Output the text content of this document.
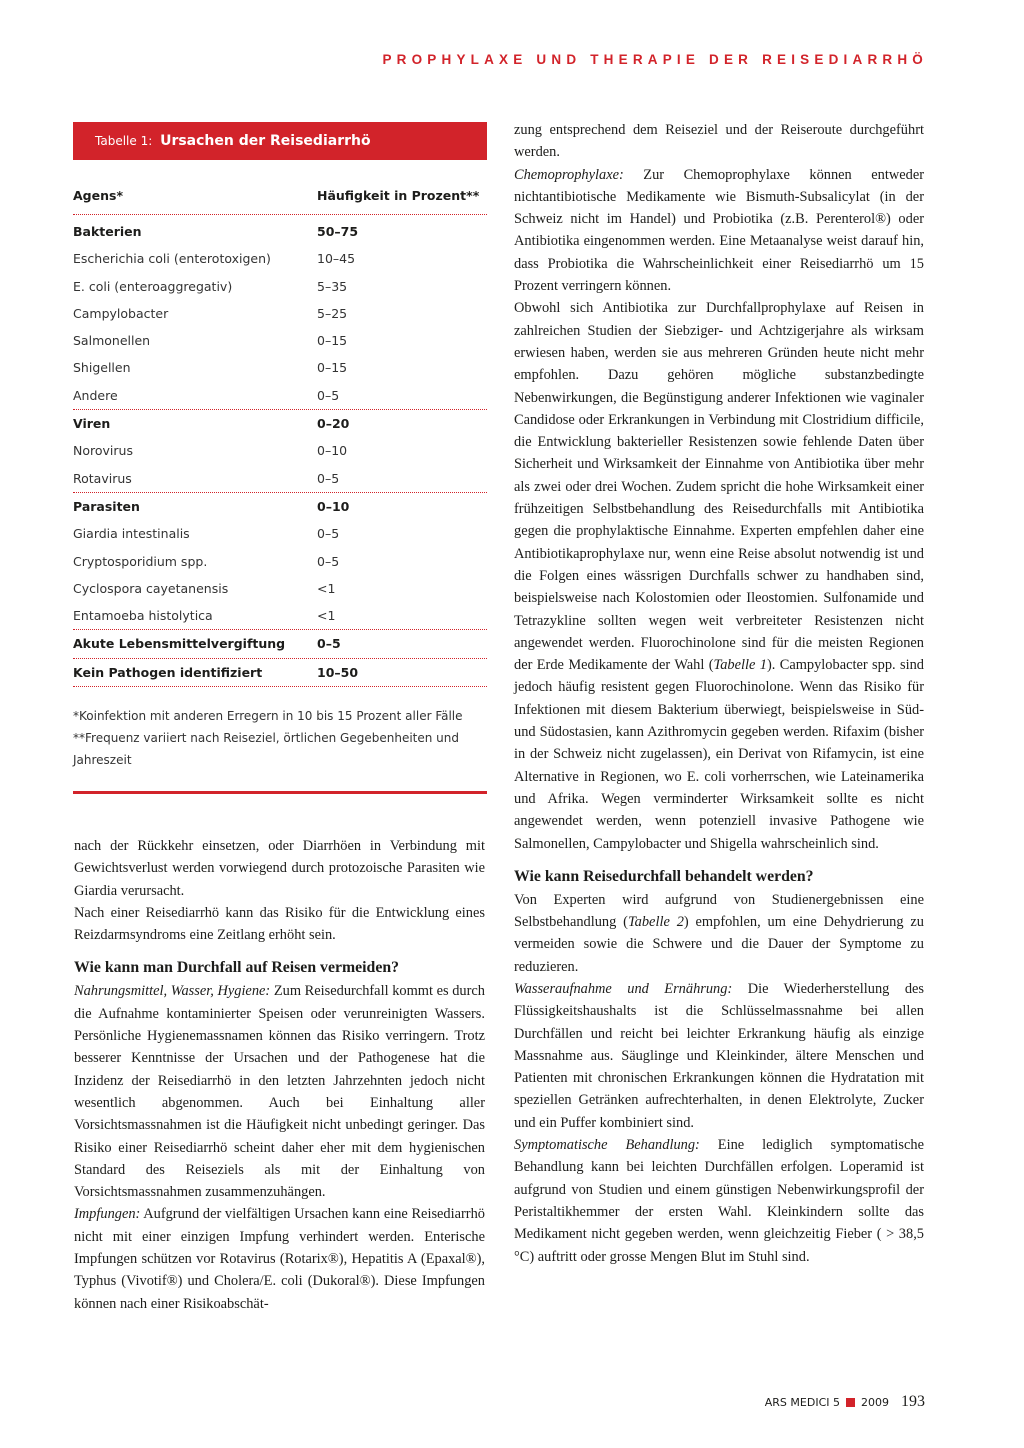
PROPHYLAXE UND THERAPIE DER REISEDIARRHÖ
Tabelle 1: Ursachen der Reisediarrhö
Agens*	Häufigkeit in Prozent**
Bakterien	50–75
Escherichia coli (enterotoxigen)	10–45
E. coli (enteroaggregativ)	5–35
Campylobacter	5–25
Salmonellen	0–15
Shigellen	0–15
Andere	0–5
Viren	0–20
Norovirus	0–10
Rotavirus	0–5
Parasiten	0–10
Giardia intestinalis	0–5
Cryptosporidium spp.	0–5
Cyclospora cayetanensis	<1
Entamoeba histolytica	<1
Akute Lebensmittelvergiftung	0–5
Kein Pathogen identifiziert	10–50
*Koinfektion mit anderen Erregern in 10 bis 15 Prozent aller Fälle
**Frequenz variiert nach Reiseziel, örtlichen Gegebenheiten und Jahreszeit

nach der Rückkehr einsetzen, oder Diarrhöen in Verbindung mit Gewichtsverlust werden vorwiegend durch protozoische Parasiten wie Giardia verursacht.

Nach einer Reisediarrhö kann das Risiko für die Entwicklung eines Reizdarmsyndroms eine Zeitlang erhöht sein.

Wie kann man Durchfall auf Reisen vermeiden?

Nahrungsmittel, Wasser, Hygiene: Zum Reisedurchfall kommt es durch die Aufnahme kontaminierter Speisen oder verunreinigten Wassers. Persönliche Hygienemassnamen können das Risiko verringern. Trotz besserer Kenntnisse der Ursachen und der Pathogenese hat die Inzidenz der Reisediarrhö in den letzten Jahrzehnten jedoch nicht wesentlich abgenommen. Auch bei Einhaltung aller Vorsichtsmassnahmen ist die Häufigkeit nicht unbedingt geringer. Das Risiko einer Reisediarrhö scheint daher eher mit dem hygienischen Standard des Reiseziels als mit der Einhaltung von Vorsichtsmassnahmen zusammenzuhängen.

Impfungen: Aufgrund der vielfältigen Ursachen kann eine Reisediarrhö nicht mit einer einzigen Impfung verhindert werden. Enterische Impfungen schützen vor Rotavirus (Rotarix®), Hepatitis A (Epaxal®), Typhus (Vivotif®) und Cholera/E. coli (Dukoral®). Diese Impfungen können nach einer Risikoabschät-

zung entsprechend dem Reiseziel und der Reiseroute durchgeführt werden.

Chemoprophylaxe: Zur Chemoprophylaxe können entweder nichtantibiotische Medikamente wie Bismuth-Subsalicylat (in der Schweiz nicht im Handel) und Probiotika (z.B. Perenterol®) oder Antibiotika eingenommen werden. Eine Metaanalyse weist darauf hin, dass Probiotika die Wahrscheinlichkeit einer Reisediarrhö um 15 Prozent verringern können.

Obwohl sich Antibiotika zur Durchfallprophylaxe auf Reisen in zahlreichen Studien der Siebziger- und Achtzigerjahre als wirksam erwiesen haben, werden sie aus mehreren Gründen heute nicht mehr empfohlen. Dazu gehören mögliche substanzbedingte Nebenwirkungen, die Begünstigung anderer Infektionen wie vaginaler Candidose oder Erkrankungen in Verbindung mit Clostridium difficile, die Entwicklung bakterieller Resistenzen sowie fehlende Daten über Sicherheit und Wirksamkeit der Einnahme von Antibiotika über mehr als zwei oder drei Wochen. Zudem spricht die hohe Wirksamkeit einer frühzeitigen Selbstbehandlung des Reisedurchfalls mit Antibiotika gegen die prophylaktische Einnahme. Experten empfehlen daher eine Antibiotikaprophylaxe nur, wenn eine Reise absolut notwendig ist und die Folgen eines wässrigen Durchfalls schwer zu handhaben sind, beispielsweise nach Kolostomien oder Ileostomien. Sulfonamide und Tetrazykline sollten wegen weit verbreiteter Resistenzen nicht angewendet werden. Fluorochinolone sind für die meisten Regionen der Erde Medikamente der Wahl (Tabelle 1). Campylobacter spp. sind jedoch häufig resistent gegen Fluorochinolone. Wenn das Risiko für Infektionen mit diesem Bakterium überwiegt, beispielsweise in Süd- und Südostasien, kann Azithromycin gegeben werden. Rifaxim (bisher in der Schweiz nicht zugelassen), ein Derivat von Rifamycin, ist eine Alternative in Regionen, wo E. coli vorherrschen, wie Lateinamerika und Afrika. Wegen verminderter Wirksamkeit sollte es nicht angewendet werden, wenn potenziell invasive Pathogene wie Salmonellen, Campylobacter und Shigella wahrscheinlich sind.

Wie kann Reisedurchfall behandelt werden?

Von Experten wird aufgrund von Studienergebnissen eine Selbstbehandlung (Tabelle 2) empfohlen, um eine Dehydrierung zu vermeiden sowie die Schwere und die Dauer der Symptome zu reduzieren.

Wasseraufnahme und Ernährung: Die Wiederherstellung des Flüssigkeitshaushalts ist die Schlüsselmassnahme bei allen Durchfällen und reicht bei leichter Erkrankung häufig als einzige Massnahme aus. Säuglinge und Kleinkinder, ältere Menschen und Patienten mit chronischen Erkrankungen können die Hydratation mit speziellen Getränken aufrechterhalten, in denen Elektrolyte, Zucker und ein Puffer kombiniert sind.

Symptomatische Behandlung: Eine lediglich symptomatische Behandlung kann bei leichten Durchfällen erfolgen. Loperamid ist aufgrund von Studien und einem günstigen Nebenwirkungsprofil der Peristaltikhemmer der ersten Wahl. Kleinkindern sollte das Medikament nicht gegeben werden, wenn gleichzeitig Fieber ( > 38,5 °C) auftritt oder grosse Mengen Blut im Stuhl sind.

ARS MEDICI 5 2009 193
